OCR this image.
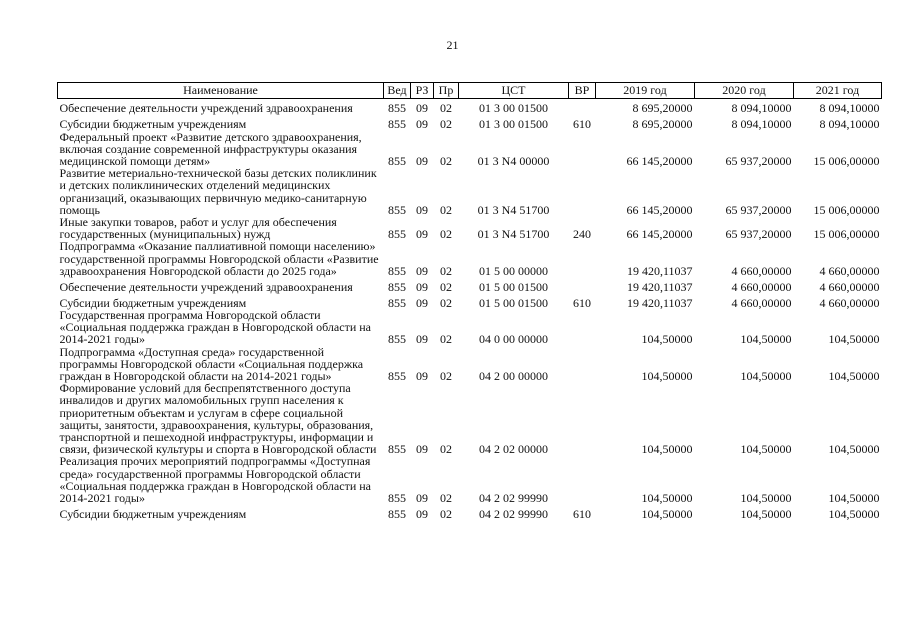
21
Наименование	Вед	РЗ	Пр	ЦСТ	ВР	2019 год	2020 год	2021 год
Обеспечение деятельности учреждений здравоохранения	855	09	02	01 3 00 01500		8 695,20000	8 094,10000	8 094,10000
Субсидии бюджетным учреждениям	855	09	02	01 3 00 01500	610	8 695,20000	8 094,10000	8 094,10000
Федеральный проект «Развитие детского здравоохранения, включая создание современной инфраструктуры оказания медицинской помощи детям»	855	09	02	01 3 N4 00000		66 145,20000	65 937,20000	15 006,00000
Развитие метериально-технической базы детских поликлиник и детских поликлинических отделений медицинских организаций, оказывающих первичную медико-санитарную помощь	855	09	02	01 3 N4 51700		66 145,20000	65 937,20000	15 006,00000
Иные закупки товаров, работ и услуг для обеспечения государственных (муниципальных) нужд	855	09	02	01 3 N4 51700	240	66 145,20000	65 937,20000	15 006,00000
Подпрограмма «Оказание паллиативной помощи населению» государственной программы Новгородской области «Развитие здравоохранения Новгородской области до 2025 года»	855	09	02	01 5 00 00000		19 420,11037	4 660,00000	4 660,00000
Обеспечение деятельности учреждений здравоохранения	855	09	02	01 5 00 01500		19 420,11037	4 660,00000	4 660,00000
Субсидии бюджетным учреждениям	855	09	02	01 5 00 01500	610	19 420,11037	4 660,00000	4 660,00000
Государственная программа Новгородской области «Социальная поддержка граждан в Новгородской области на 2014-2021 годы»	855	09	02	04 0 00 00000		104,50000	104,50000	104,50000
Подпрограмма «Доступная среда» государственной программы Новгородской области «Социальная поддержка граждан в Новгородской области на 2014-2021 годы»	855	09	02	04 2 00 00000		104,50000	104,50000	104,50000
Формирование условий для беспрепятственного доступа инвалидов и других маломобильных групп населения к приоритетным объектам и услугам в сфере социальной защиты, занятости, здравоохранения, культуры, образования, транспортной и пешеходной инфраструктуры, информации и связи, физической культуры и спорта в Новгородской области	855	09	02	04 2 02 00000		104,50000	104,50000	104,50000
Реализация прочих мероприятий подпрограммы «Доступная среда» государственной программы Новгородской области «Социальная поддержка граждан в Новгородской области на 2014-2021 годы»	855	09	02	04 2 02 99990		104,50000	104,50000	104,50000
Субсидии бюджетным учреждениям	855	09	02	04 2 02 99990	610	104,50000	104,50000	104,50000
